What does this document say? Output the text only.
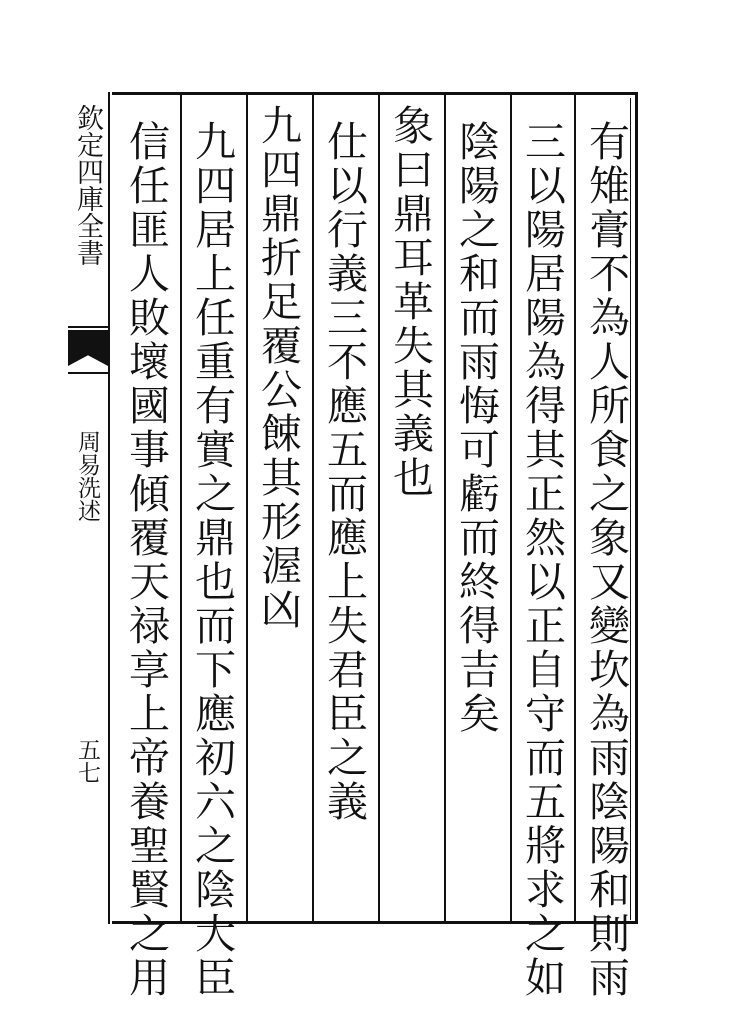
欽定四庫全書
周易洗述
五七	有雉膏不為人所食之象又變坎為雨陰陽和則雨
三以陽居陽為得其正然以正自守而五將求之如
陰陽之和而雨悔可虧而終得吉矣
象曰鼎耳革失其義也
仕以行義三不應五而應上失君臣之義
九四鼎折足覆公餗其形渥凶
九四居上任重有實之鼎也而下應初六之陰大臣
信任匪人敗壞國事傾覆天禄享上帝養聖賢之用
